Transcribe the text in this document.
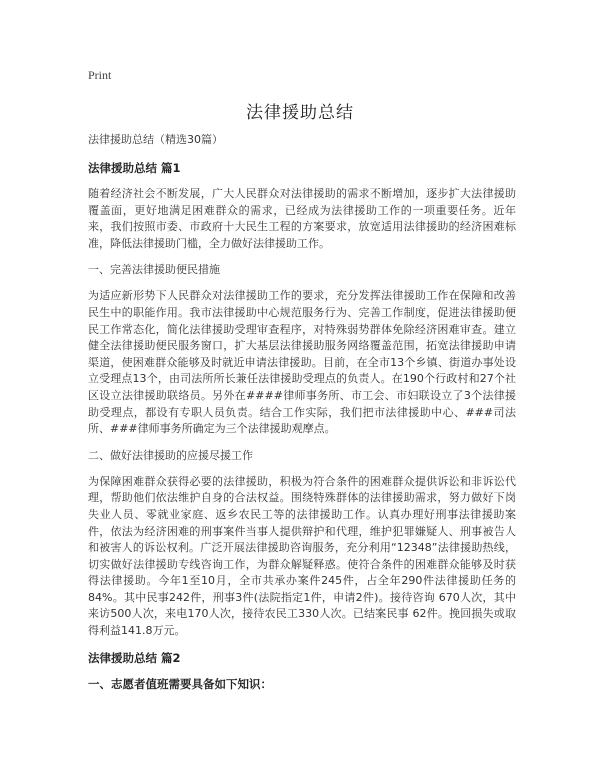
Print
法律援助总结
法律援助总结（精选30篇）
法律援助总结 篇1

随着经济社会不断发展，广大人民群众对法律援助的需求不断增加，逐步扩大法律援助覆盖面，更好地满足困难群众的需求，已经成为法律援助工作的一项重要任务。近年来，我们按照市委、市政府十大民生工程的方案要求，放宽适用法律援助的经济困难标准，降低法律援助门槛，全力做好法律援助工作。

一、完善法律援助便民措施

为适应新形势下人民群众对法律援助工作的要求，充分发挥法律援助工作在保障和改善民生中的职能作用。我市法律援助中心规范服务行为、完善工作制度，促进法律援助便民工作常态化，简化法律援助受理审查程序，对特殊弱势群体免除经济困难审查。建立健全法律援助便民服务窗口，扩大基层法律援助服务网络覆盖范围，拓宽法律援助申请渠道，使困难群众能够及时就近申请法律援助。目前，在全市13个乡镇、街道办事处设立受理点13个，由司法所所长兼任法律援助受理点的负责人。在190个行政村和27个社区设立法律援助联络员。另外在####律师事务所、市工会、市妇联设立了3个法律援助受理点，都设有专职人员负责。结合工作实际，我们把市法律援助中心、###司法所、###律师事务所确定为三个法律援助观摩点。

二、做好法律援助的应援尽援工作

为保障困难群众获得必要的法律援助，积极为符合条件的困难群众提供诉讼和非诉讼代理，帮助他们依法维护自身的合法权益。围绕特殊群体的法律援助需求，努力做好下岗失业人员、零就业家庭、返乡农民工等的法律援助工作。认真办理好刑事法律援助案件，依法为经济困难的刑事案件当事人提供辩护和代理，维护犯罪嫌疑人、刑事被告人和被害人的诉讼权利。广泛开展法律援助咨询服务，充分利用“12348”法律援助热线，切实做好法律援助专线咨询工作，为群众解疑释惑。使符合条件的困难群众能够及时获得法律援助。今年1至10月，全市共承办案件245件，占全年290件法律援助任务的84%。其中民事242件，刑事3件(法院指定1件，申请2件)。接待咨询 670人次，其中来访500人次，来电170人次，接待农民工330人次。已结案民事 62件。挽回损失或取得利益141.8万元。

法律援助总结 篇2
一、志愿者值班需要具备如下知识：
